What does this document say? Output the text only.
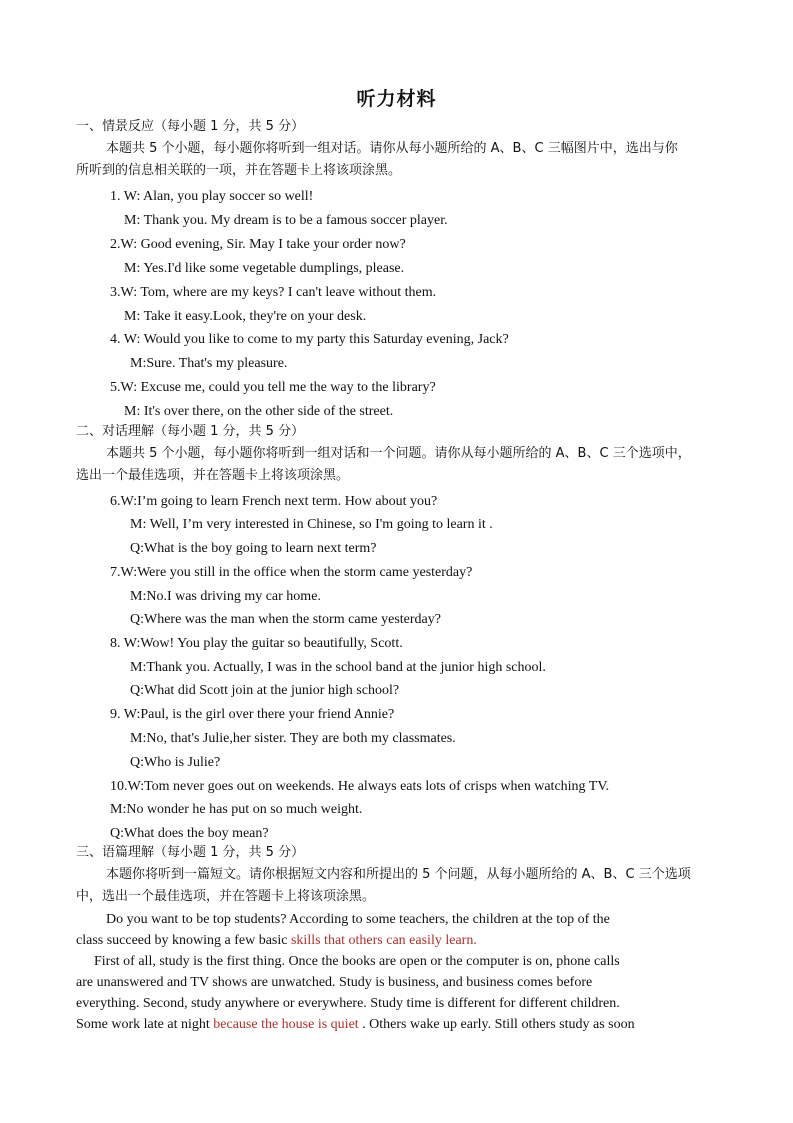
听力材料
一、情景反应（每小题 1 分，共 5 分）
本题共 5 个小题，每小题你将听到一组对话。请你从每小题所给的 A、B、C 三幅图片中，选出与你
所听到的信息相关联的一项，并在答题卡上将该项涂黑。
1. W: Alan, you play soccer so well!
M: Thank you. My dream is to be a famous soccer player.
2.W: Good evening, Sir. May I take your order now?
M: Yes.I'd like some vegetable dumplings, please.
3.W: Tom, where are my keys? I can't leave without them.
M: Take it easy.Look, they're on your desk.
4. W: Would you like to come to my party this Saturday evening, Jack?
M:Sure. That's my pleasure.
5.W: Excuse me, could you tell me the way to the library?
M: It's over there, on the other side of the street.
二、对话理解（每小题 1 分，共 5 分）
本题共 5 个小题，每小题你将听到一组对话和一个问题。请你从每小题所给的 A、B、C 三个选项中，
选出一个最佳选项，并在答题卡上将该项涂黑。
6.W:I’m going to learn French next term. How about you?
M: Well, I’m very interested in Chinese, so I'm going to learn it .
Q:What is the boy going to learn next term?
7.W:Were you still in the office when the storm came yesterday?
M:No.I was driving my car home.
Q:Where was the man when the storm came yesterday?
8. W:Wow! You play the guitar so beautifully, Scott.
M:Thank you. Actually, I was in the school band at the junior high school.
Q:What did Scott join at the junior high school?
9. W:Paul, is the girl over there your friend Annie?
M:No, that's Julie,her sister. They are both my classmates.
Q:Who is Julie?
10.W:Tom never goes out on weekends. He always eats lots of crisps when watching TV.
M:No wonder he has put on so much weight.
Q:What does the boy mean?
三、语篇理解（每小题 1 分，共 5 分）
本题你将听到一篇短文。请你根据短文内容和所提出的 5 个问题，从每小题所给的 A、B、C 三个选项
中，选出一个最佳选项，并在答题卡上将该项涂黑。
Do you want to be top students? According to some teachers, the children at the top of the
class succeed by knowing a few basic skills that others can easily learn.
First of all, study is the first thing. Once the books are open or the computer is on, phone calls
are unanswered and TV shows are unwatched. Study is business, and business comes before
everything. Second, study anywhere or everywhere. Study time is different for different children.
Some work late at night because the house is quiet . Others wake up early. Still others study as soon
